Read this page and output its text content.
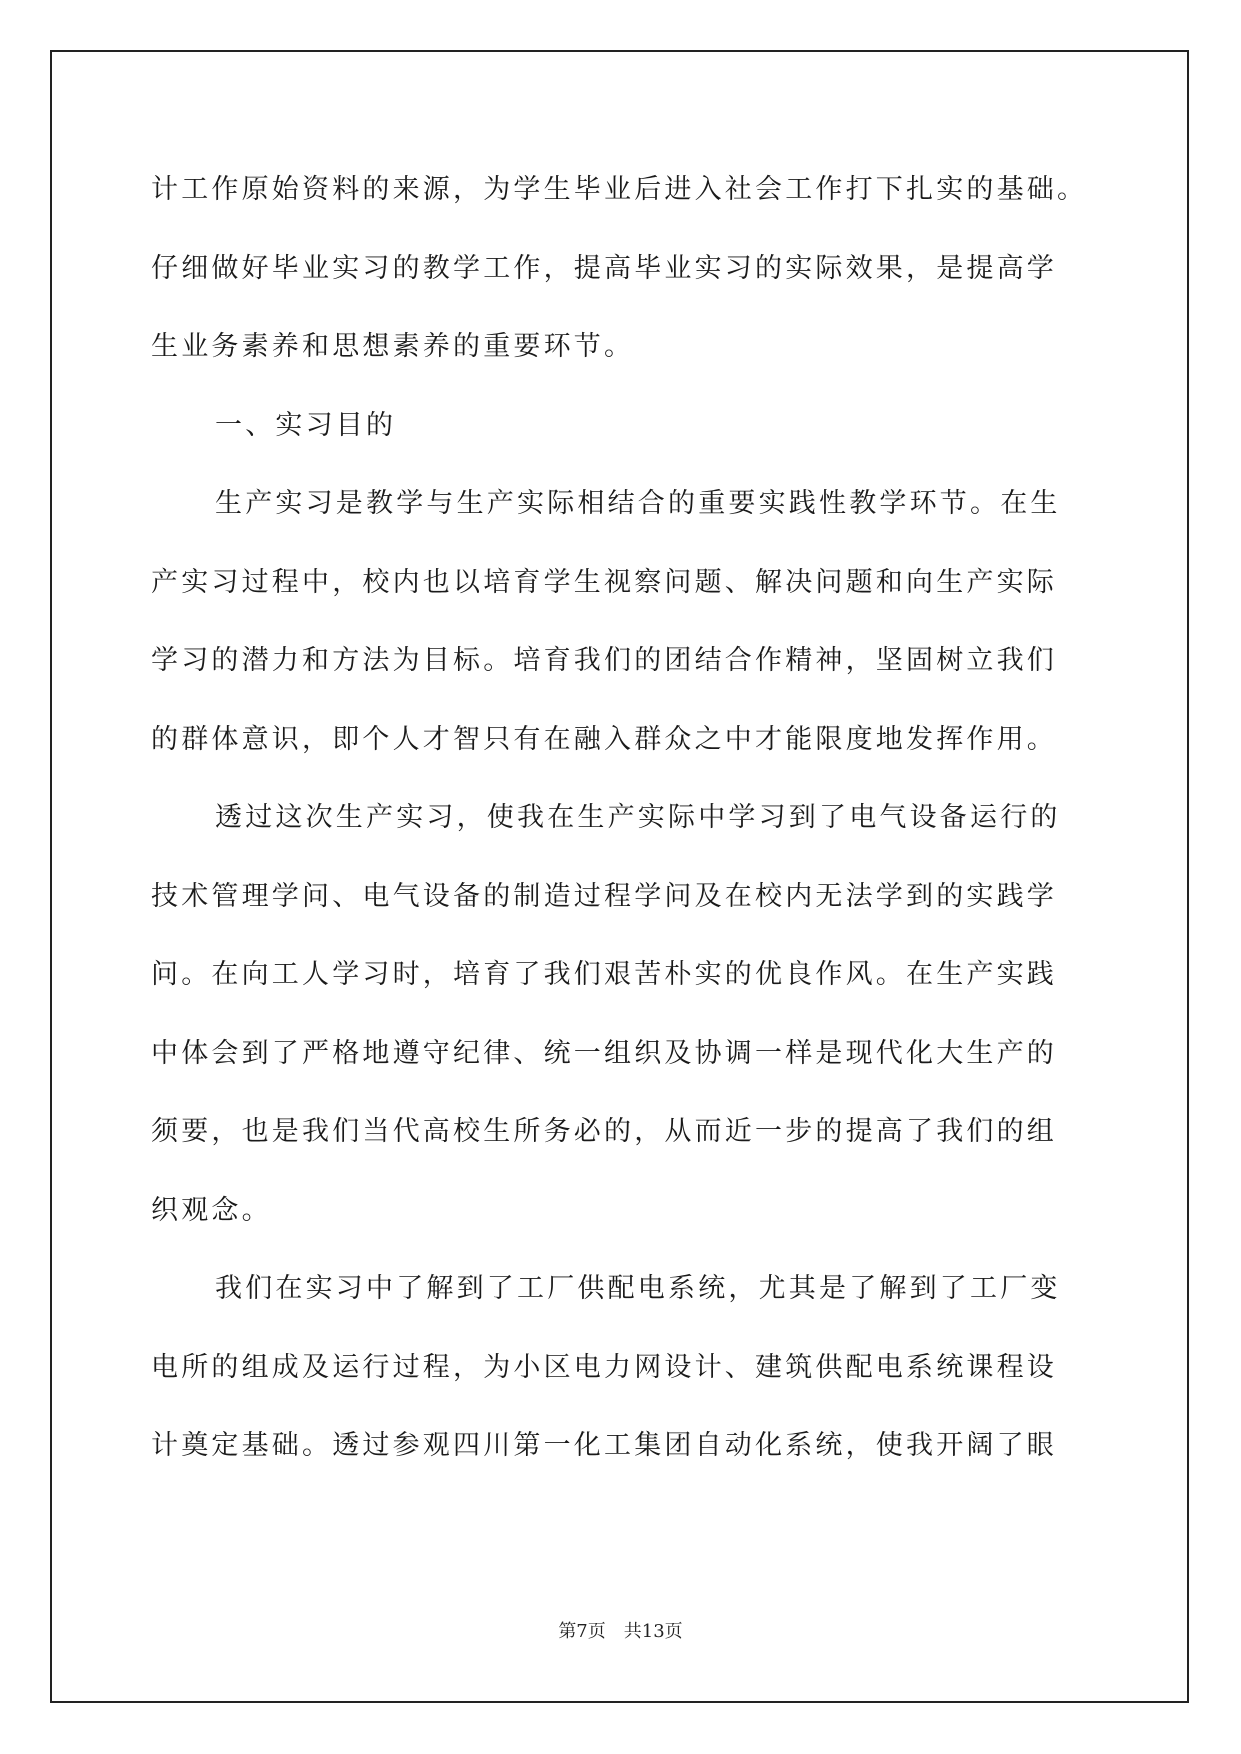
计工作原始资料的来源，为学生毕业后进入社会工作打下扎实的基础。
仔细做好毕业实习的教学工作，提高毕业实习的实际效果，是提高学
生业务素养和思想素养的重要环节。
一、实习目的
生产实习是教学与生产实际相结合的重要实践性教学环节。在生
产实习过程中，校内也以培育学生视察问题、解决问题和向生产实际
学习的潜力和方法为目标。培育我们的团结合作精神，坚固树立我们
的群体意识，即个人才智只有在融入群众之中才能限度地发挥作用。
透过这次生产实习，使我在生产实际中学习到了电气设备运行的
技术管理学问、电气设备的制造过程学问及在校内无法学到的实践学
问。在向工人学习时，培育了我们艰苦朴实的优良作风。在生产实践
中体会到了严格地遵守纪律、统一组织及协调一样是现代化大生产的
须要，也是我们当代高校生所务必的，从而近一步的提高了我们的组
织观念。
我们在实习中了解到了工厂供配电系统，尤其是了解到了工厂变
电所的组成及运行过程，为小区电力网设计、建筑供配电系统课程设
计奠定基础。透过参观四川第一化工集团自动化系统，使我开阔了眼
第7页　共13页
